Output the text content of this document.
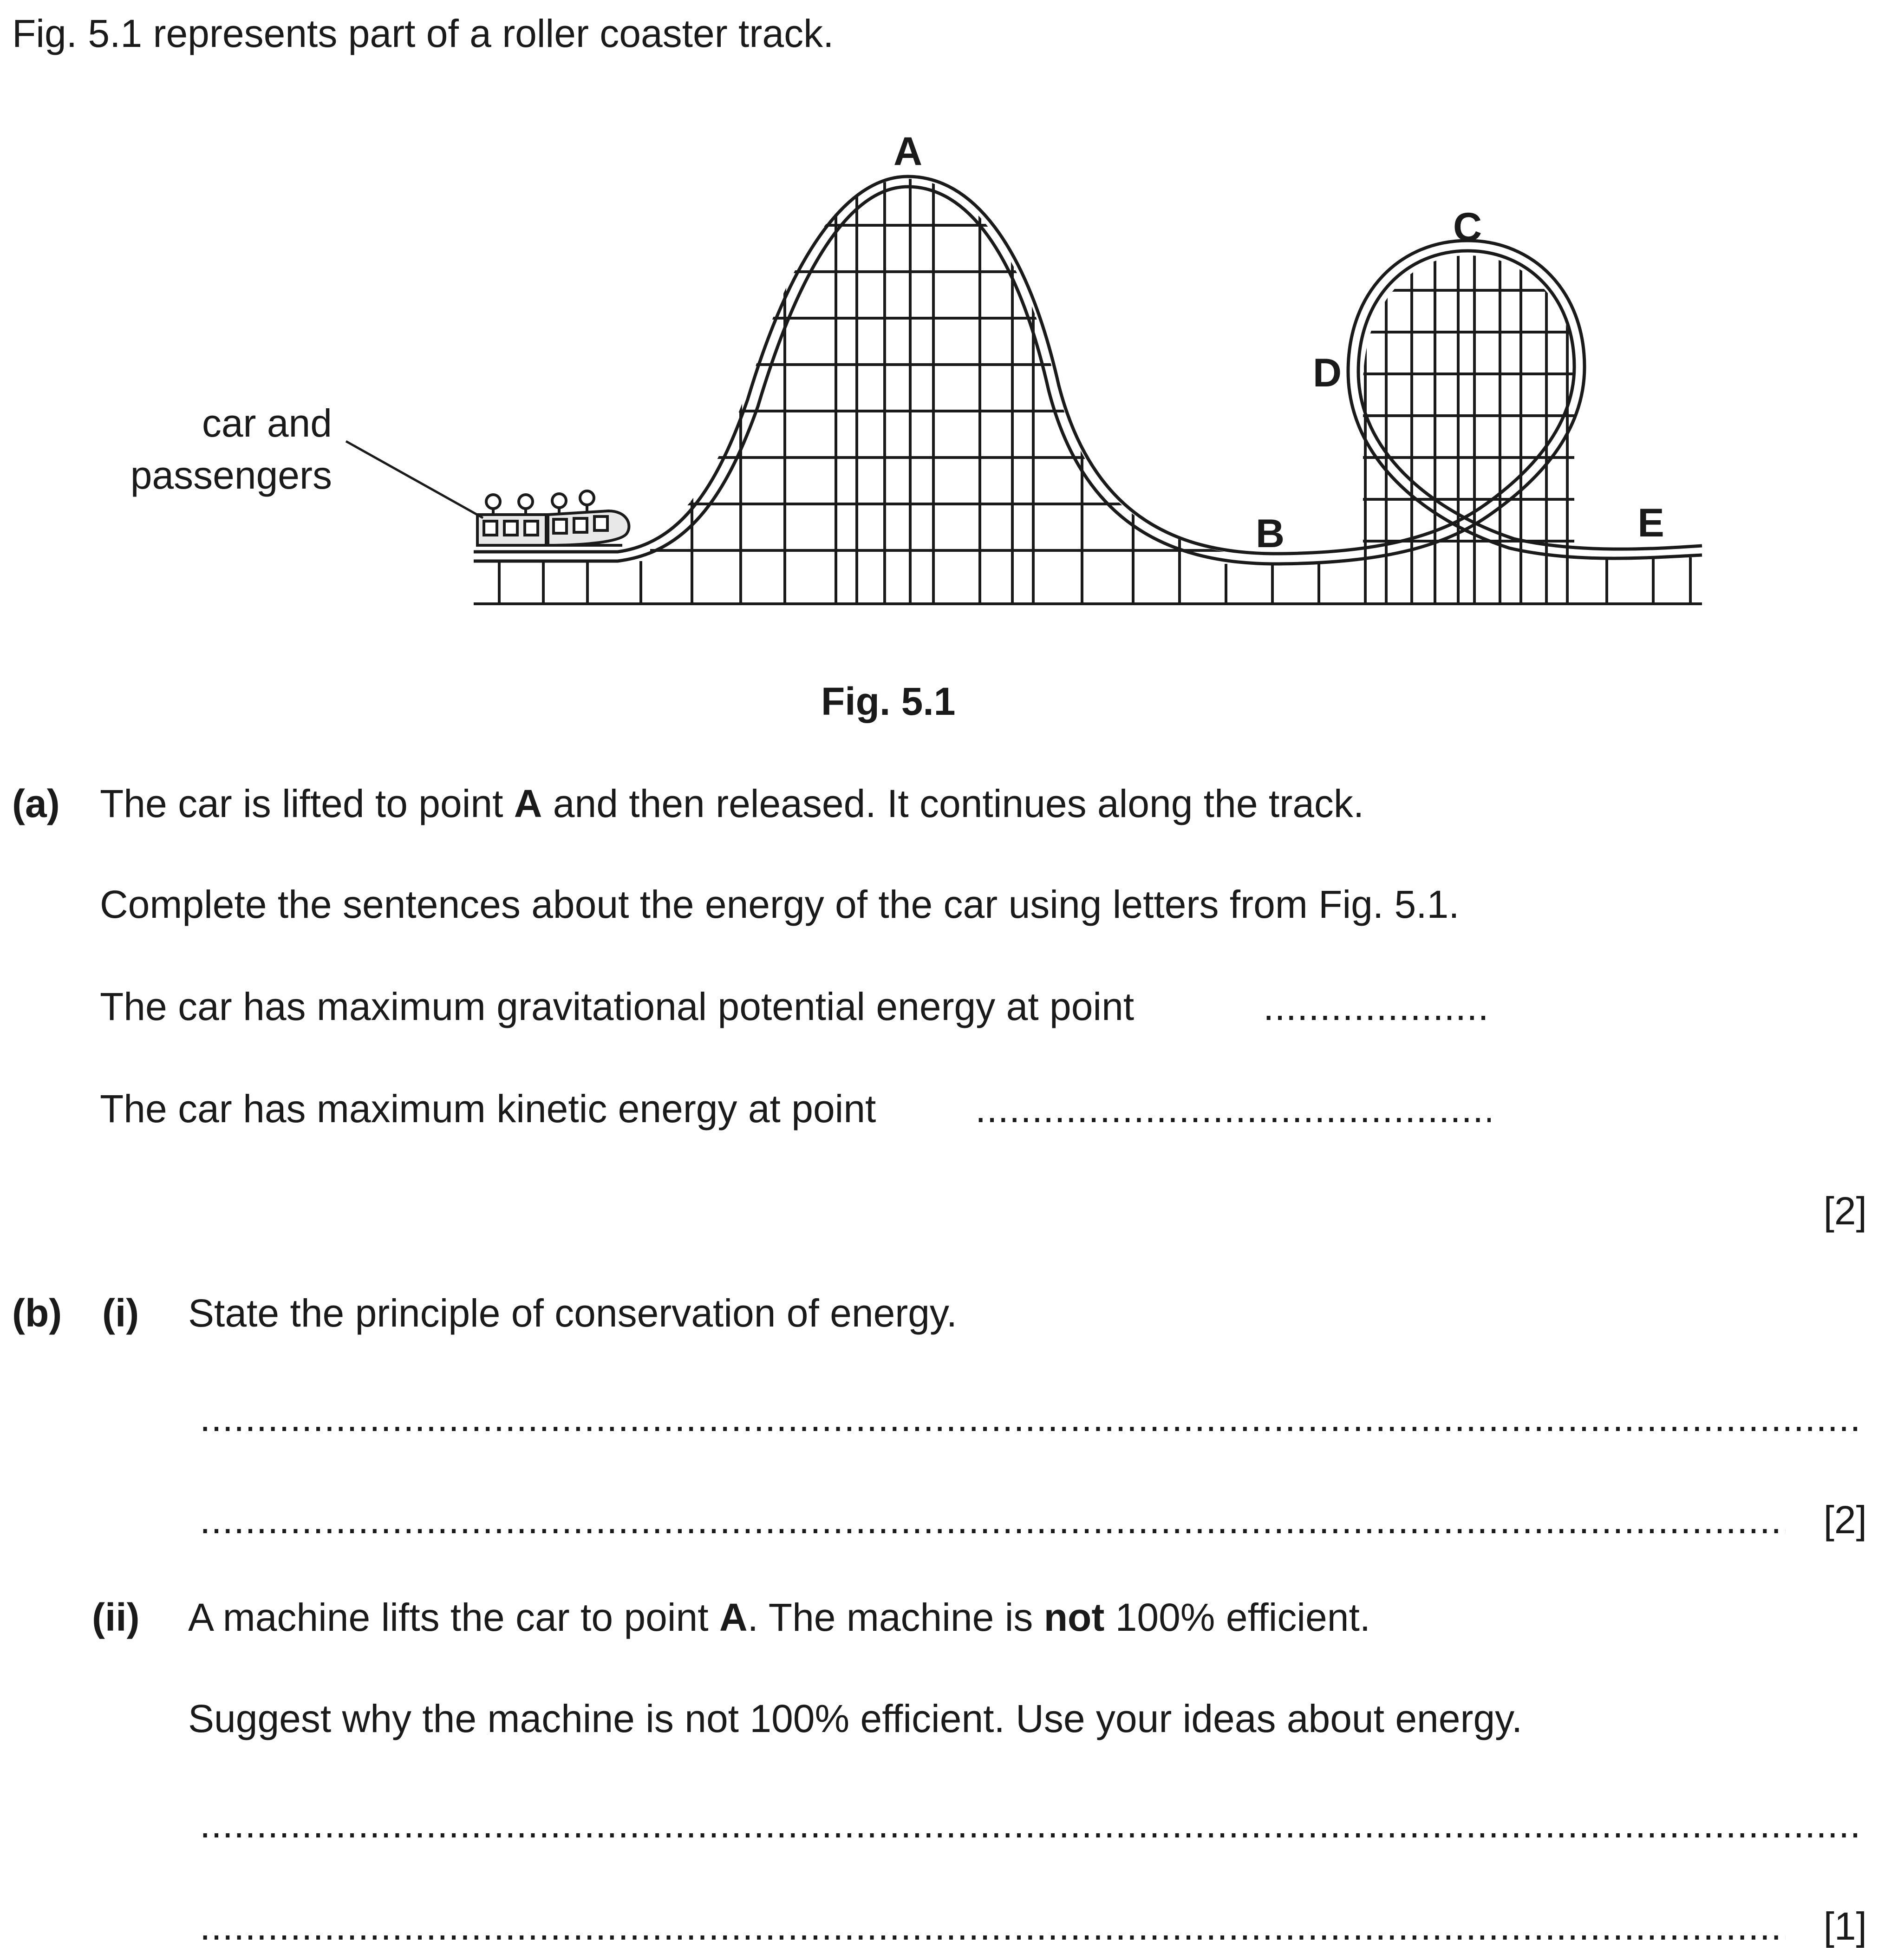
Fig. 5.1 represents part of a roller coaster track.
car and
passengers
A
B
C
D
E
Fig. 5.1
(a) The car is lifted to point A and then released. It continues along the track.
Complete the sentences about the energy of the car using letters from Fig. 5.1.
The car has maximum gravitational potential energy at point
.....
The car has maximum kinetic energy at point
.....
[2]
(b) (i) State the principle of conservation of energy.
.....
.....
[2]
(ii) A machine lifts the car to point A. The machine is not 100% efficient.
Suggest why the machine is not 100% efficient. Use your ideas about energy.
.....
.....
[1]
